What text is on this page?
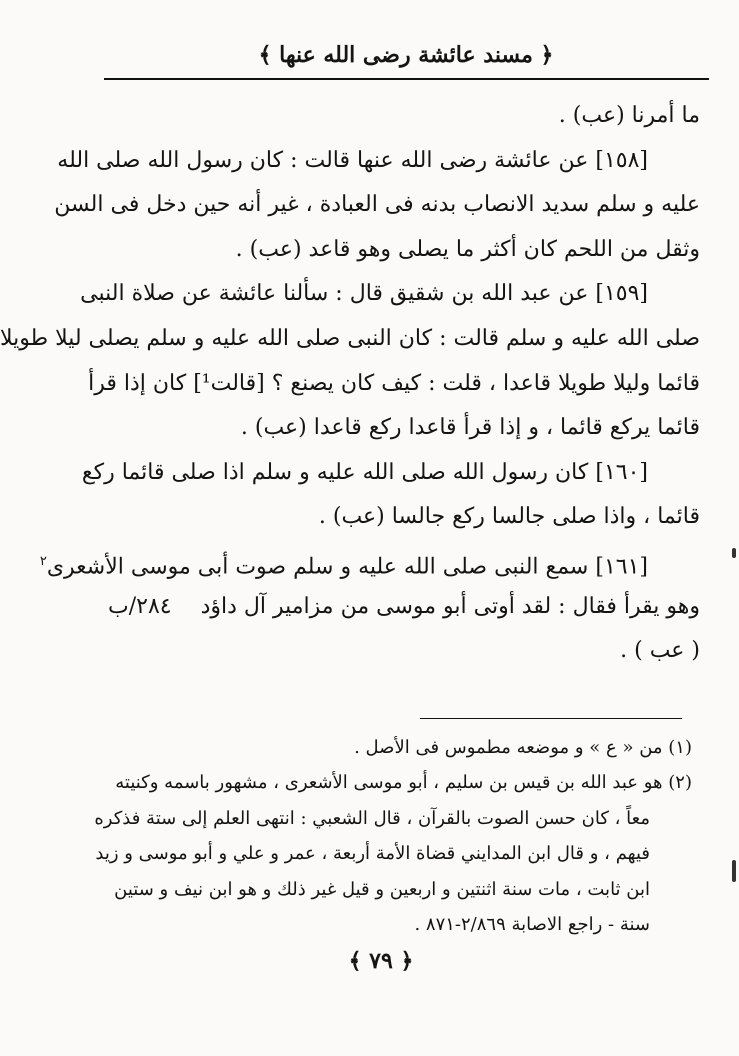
﴿ مسند عائشة رضى الله عنها ﴾
ما أمرنا (عب) .
[١٥٨] عن عائشة رضى الله عنها قالت : كان رسول الله صلى الله
عليه و سلم سديد الانصاب بدنه فى العبادة ، غير أنه حين دخل فى السن
وثقل من اللحم كان أكثر ما يصلى وهو قاعد (عب) .
[١٥٩] عن عبد الله بن شقيق قال : سألنا عائشة عن صلاة النبى
صلى الله عليه و سلم قالت : كان النبى صلى الله عليه و سلم يصلى ليلا طويلا
قائما وليلا طويلا قاعدا ، قلت : كيف كان يصنع ؟ [قالت¹] كان إذا قرأ
قائما يركع قائما ، و إذا قرأ قاعدا ركع قاعدا (عب) .
[١٦٠] كان رسول الله صلى الله عليه و سلم اذا صلى قائما ركع
قائما ، واذا صلى جالسا ركع جالسا (عب) .
[١٦١] سمع النبى صلى الله عليه و سلم صوت أبى موسى الأشعرى$^٢$
وهو يقرأ فقال : لقد أوتى أبو موسى من مزامير آل داؤد
٢٨٤/ب
( عب ) .
(١) من « ع » و موضعه مطموس فى الأصل .
(٢) هو عبد الله بن قيس بن سليم ، أبو موسى الأشعرى ، مشهور باسمه وكنيته
معاً ، كان حسن الصوت بالقرآن ، قال الشعبي : انتهى العلم إلى ستة فذكره
فيهم ، و قال ابن المدايني قضاة الأمة أربعة ، عمر و علي و أبو موسى و زيد
ابن ثابت ، مات سنة اثنتين و اربعين و قيل غير ذلك و هو ابن نيف و ستين
سنة - راجع الاصابة ٢/٨٦٩-٨٧١ .
﴿ ٧٩ ﴾
